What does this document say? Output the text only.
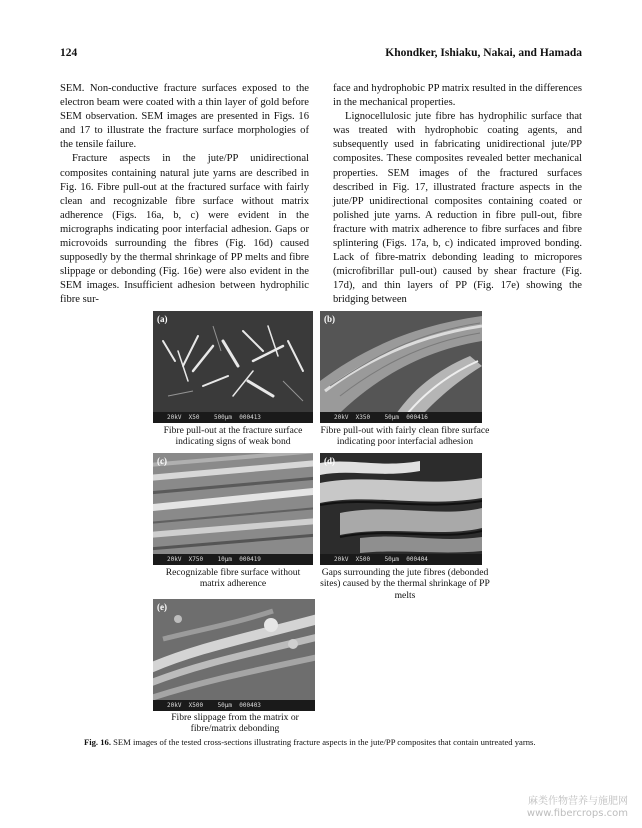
124	Khondker, Ishiaku, Nakai, and Hamada

SEM. Non-conductive fracture surfaces exposed to the electron beam were coated with a thin layer of gold before SEM observation. SEM images are presented in Figs. 16 and 17 to illustrate the fracture surface morphologies of the tensile failure.

Fracture aspects in the jute/PP unidirectional composites containing natural jute yarns are described in Fig. 16. Fibre pull-out at the fractured surface with fairly clean and recognizable fibre surface without matrix adherence (Figs. 16a, b, c) were evident in the micrographs indicating poor interfacial adhesion. Gaps or microvoids surrounding the fibres (Fig. 16d) caused supposedly by the thermal shrinkage of PP melts and fibre slippage or debonding (Fig. 16e) were also evident in the SEM images. Insufficient adhesion between hydrophilic fibre sur-

face and hydrophobic PP matrix resulted in the differences in the mechanical properties.

Lignocellulosic jute fibre has hydrophilic surface that was treated with hydrophobic coating agents, and subsequently used in fabricating unidirectional jute/PP composites. These composites revealed better mechanical properties. SEM images of the fractured surfaces described in Fig. 17, illustrated fracture aspects in the jute/PP unidirectional composites containing coated or polished jute yarns. A reduction in fibre pull-out, fibre fracture with matrix adherence to fibre surfaces and fibre splintering (Figs. 17a, b, c) indicated improved bonding. Lack of fibre-matrix debonding leading to micropores (microfibrillar pull-out) caused by shear fracture (Fig. 17d), and thin layers of PP (Fig. 17e) showing the bridging between

(a)
20kV  X50    500µm  000413
Fibre pull-out at the fracture surface indicating signs of weak bond
(b)
20kV  X350    50µm  000416
Fibre pull-out with fairly clean fibre surface indicating poor interfacial adhesion
(c)
20kV  X750    10µm  000419
Recognizable fibre surface without matrix adherence
(d)
20kV  X500    50µm  000404
Gaps surrounding the jute fibres (debonded sites) caused by the thermal shrinkage of PP melts
(e)
20kV  X500    50µm  000403
Fibre slippage from the matrix or fibre/matrix debonding
Fig. 16. SEM images of the tested cross-sections illustrating fracture aspects in the jute/PP composites that contain untreated yarns.
麻类作物营养与施肥网
www.fibercrops.com
